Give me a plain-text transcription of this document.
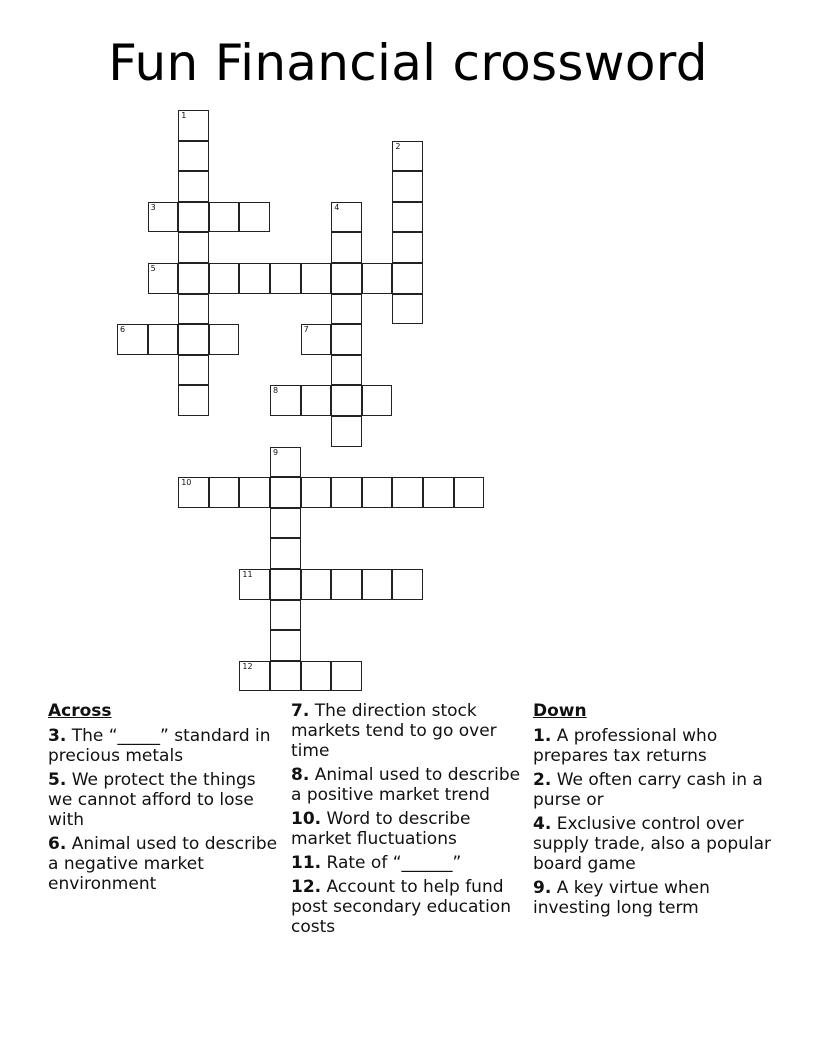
Fun Financial crossword
1
2
3	4
5
6	7
8
9
10
11
12
Across
3. The “_____” standard in precious metals
5. We protect the things we cannot afford to lose with
6. Animal used to describe a negative market environment
7. The direction stock markets tend to go over time
8. Animal used to describe a positive market trend
10. Word to describe market fluctuations
11. Rate of “______”
12. Account to help fund post secondary education costs
Down
1. A professional who prepares tax returns
2. We often carry cash in a purse or
4. Exclusive control over supply trade, also a popular board game
9. A key virtue when investing long term
